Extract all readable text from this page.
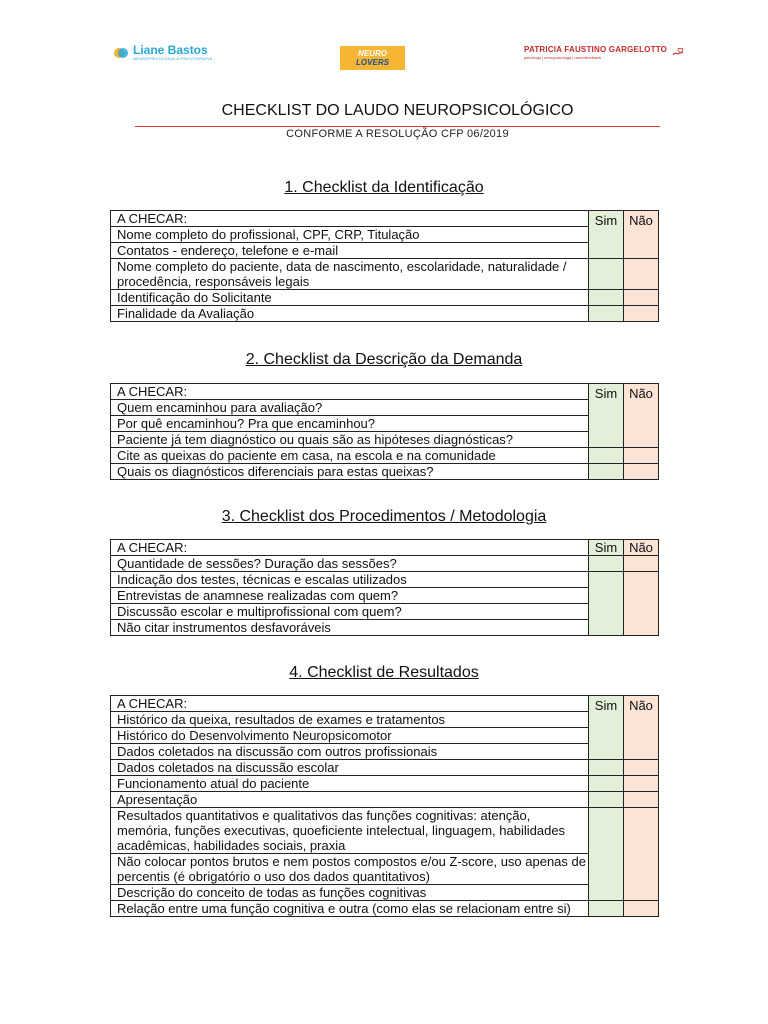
Liane Bastos
NEUROPSICOLOGIA & PSICOTERAPIA
NEURO
LOVERS
PATRICIA FAUSTINO GARGELOTTO
psicóloga | neuropsicóloga | neurofeedback
CHECKLIST DO LAUDO NEUROPSICOLÓGICO
CONFORME A RESOLUÇÃO CFP 06/2019
1. Checklist da Identificação
A CHECAR:	Sim	Não
Nome completo do profissional, CPF, CRP, Titulação		
Contatos - endereço, telefone e e-mail		
Nome completo do paciente, data de nascimento, escolaridade, naturalidade / procedência, responsáveis legais		
Identificação do Solicitante		
Finalidade da Avaliação		
2. Checklist da Descrição da Demanda
A CHECAR:	Sim	Não
Quem encaminhou para avaliação?		
Por quê encaminhou? Pra que encaminhou?		
Paciente já tem diagnóstico ou quais são as hipóteses diagnósticas?		
Cite as queixas do paciente em casa, na escola e na comunidade		
Quais os diagnósticos diferenciais para estas queixas?		
3. Checklist dos Procedimentos / Metodologia
A CHECAR:	Sim	Não
Quantidade de sessões? Duração das sessões?		
Indicação dos testes, técnicas e escalas utilizados		
Entrevistas de anamnese realizadas com quem?		
Discussão escolar e multiprofissional com quem?		
Não citar instrumentos desfavoráveis		
4. Checklist de Resultados
A CHECAR:	Sim	Não
Histórico da queixa, resultados de exames e tratamentos		
Histórico do Desenvolvimento Neuropsicomotor		
Dados coletados na discussão com outros profissionais		
Dados coletados na discussão escolar		
Funcionamento atual do paciente		
Apresentação		
Resultados quantitativos e qualitativos das funções cognitivas: atenção, memória, funções executivas, quoeficiente intelectual, linguagem, habilidades acadêmicas, habilidades sociais, praxia		
Não colocar pontos brutos e nem postos compostos e/ou Z-score, uso apenas de percentis (é obrigatório o uso dos dados quantitativos)		
Descrição do conceito de todas as funções cognitivas		
Relação entre uma função cognitiva e outra (como elas se relacionam entre si)		
